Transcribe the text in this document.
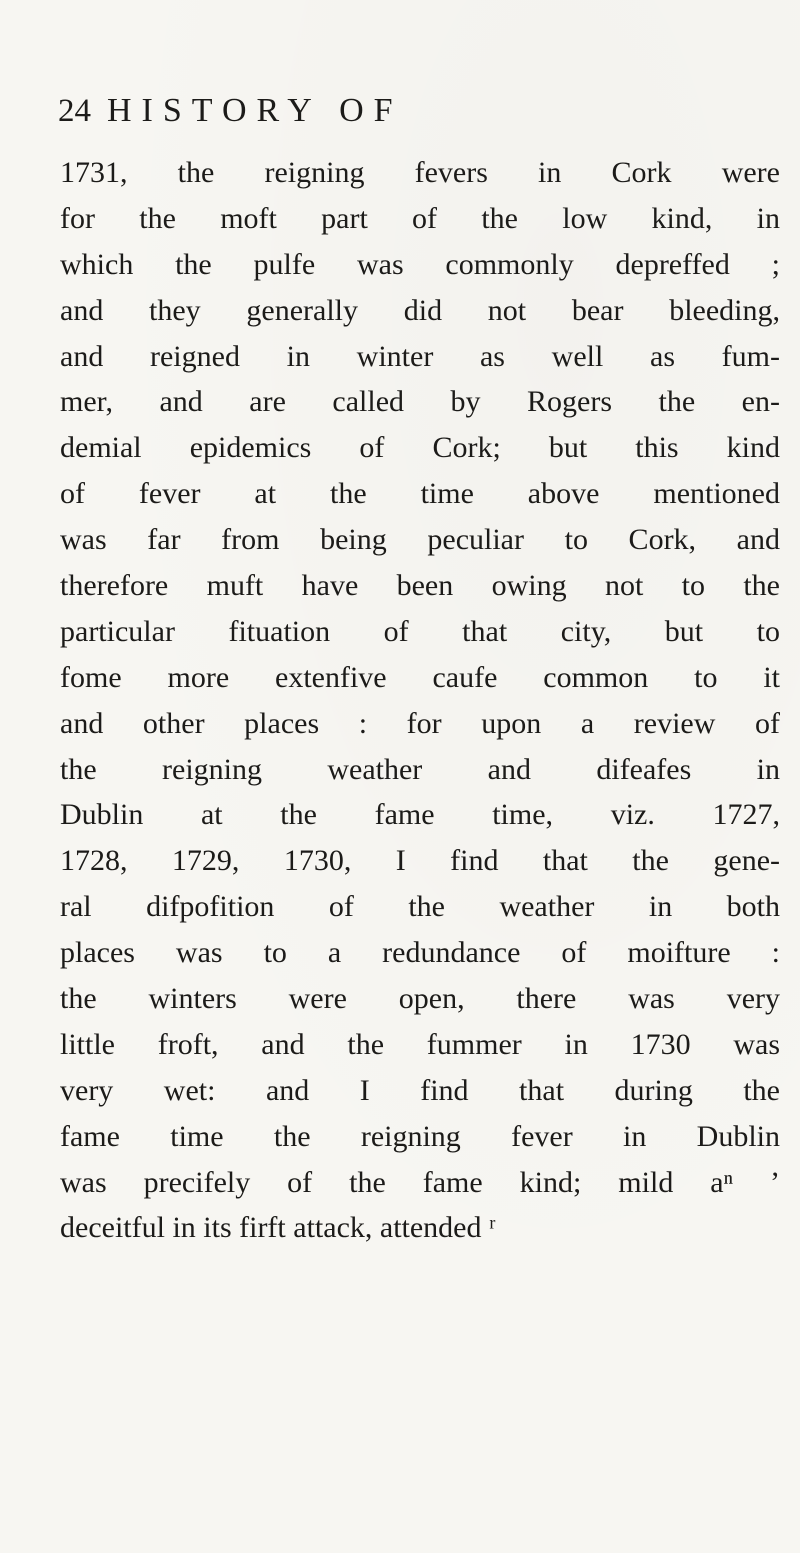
24 HISTORY OF
1731, the reigning fevers in Cork were
for the moft part of the low kind, in
which the pulfe was commonly depreffed ;
and they generally did not bear bleeding,
and reigned in winter as well as fum-
mer, and are called by Rogers the en-
demial epidemics of Cork; but this kind
of fever at the time above mentioned
was far from being peculiar to Cork, and
therefore muft have been owing not to the
particular fituation of that city, but to
fome more extenfive caufe common to it
and other places : for upon a review of
the reigning weather and difeafes in
Dublin at the fame time, viz. 1727,
1728, 1729, 1730, I find that the gene-
ral difpofition of the weather in both
places was to a redundance of moifture :
the winters were open, there was very
little froft, and the fummer in 1730 was
very wet: and I find that during the
fame time the reigning fever in Dublin
was precifely of the fame kind; mild aⁿ ’
deceitful in its firft attack, attended ʳ
